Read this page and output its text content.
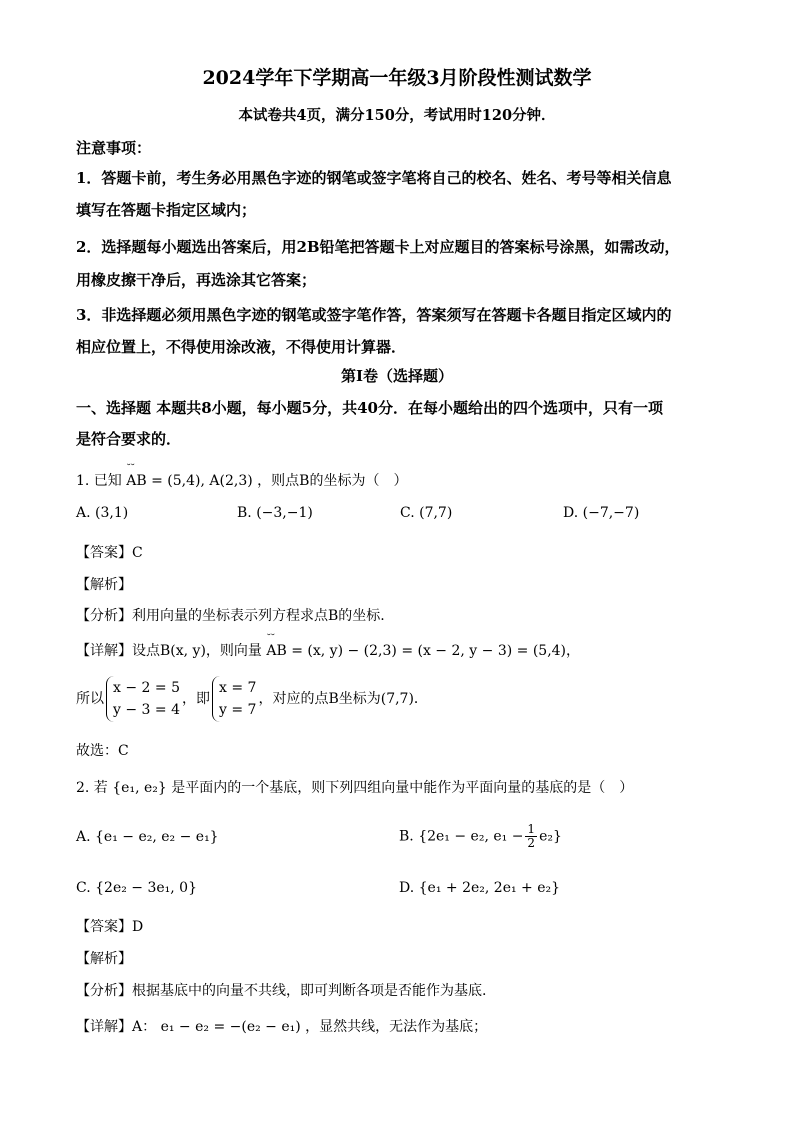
2024学年下学期高一年级3月阶段性测试数学
本试卷共4页，满分150分，考试用时120分钟．
注意事项：
1．答题卡前，考生务必用黑色字迹的钢笔或签字笔将自己的校名、姓名、考号等相关信息
填写在答题卡指定区域内；
2．选择题每小题选出答案后，用2B铅笔把答题卡上对应题目的答案标号涂黑，如需改动，
用橡皮擦干净后，再选涂其它答案；
3．非选择题必须用黑色字迹的钢笔或签字笔作答，答案须写在答题卡各题目指定区域内的
相应位置上，不得使用涂改液，不得使用计算器．
第I卷（选择题）
一、选择题 本题共8小题，每小题5分，共40分．在每小题给出的四个选项中，只有一项
是符合要求的．
1. 已知 ˘˘ AB = (5,4), A(2,3) ，则点B的坐标为（　）
A. (3,1)	B. (−3,−1)	C. (7,7)	D. (−7,−7)
【答案】C
【解析】
【分析】利用向量的坐标表示列方程求点B的坐标.
【详解】设点B(x, y)，则向量 ˘˘ AB = (x, y) − (2,3) = (x − 2, y − 3) = (5,4)，
所以x − 2 = 5
y − 3 = 4，即x = 7
y = 7，对应的点B坐标为(7,7)．
故选：C
2. 若 {e₁, e₂} 是平面内的一个基底，则下列四组向量中能作为平面向量的基底的是（　）
A. {e₁ − e₂, e₂ − e₁}	B. {2e₁ − e₂, $e_1 - \frac{1}{2} e_2$}
C. {2e₂ − 3e₁, 0}	D. {e₁ + 2e₂, 2e₁ + e₂}
【答案】D
【解析】
【分析】根据基底中的向量不共线，即可判断各项是否能作为基底.
【详解】A： e₁ − e₂ = −(e₂ − e₁) ，显然共线，无法作为基底；
